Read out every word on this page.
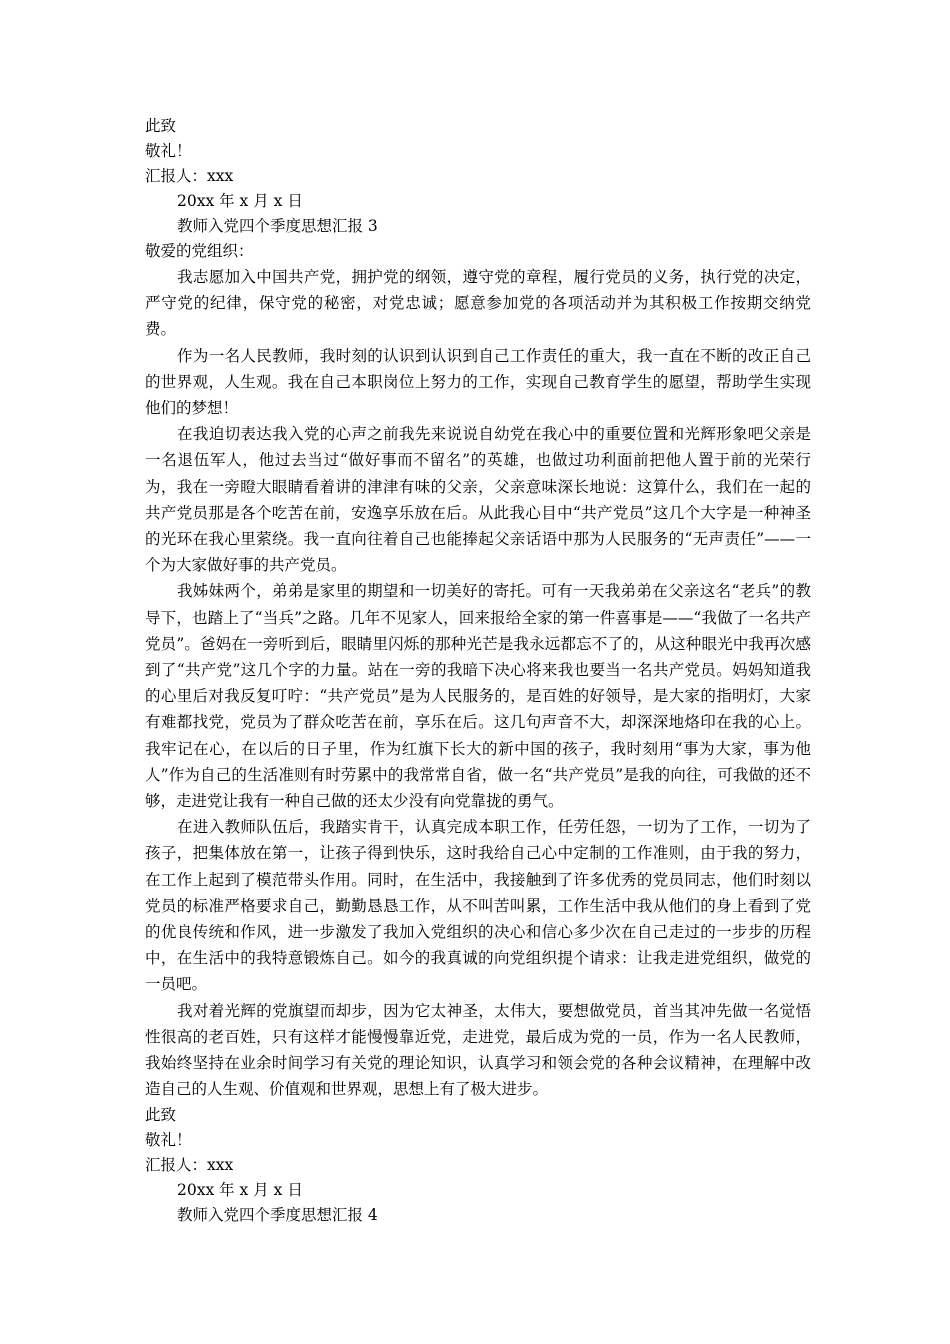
此致
敬礼！
汇报人：xxx
20xx 年 x 月 x 日
教师入党四个季度思想汇报 3
敬爱的党组织：

我志愿加入中国共产党，拥护党的纲领，遵守党的章程，履行党员的义务，执行党的决定，严守党的纪律，保守党的秘密，对党忠诚；愿意参加党的各项活动并为其积极工作按期交纳党费。

作为一名人民教师，我时刻的认识到认识到自己工作责任的重大，我一直在不断的改正自己的世界观，人生观。我在自己本职岗位上努力的工作，实现自己教育学生的愿望，帮助学生实现他们的梦想！

在我迫切表达我入党的心声之前我先来说说自幼党在我心中的重要位置和光辉形象吧父亲是一名退伍军人，他过去当过“做好事而不留名”的英雄，也做过功利面前把他人置于前的光荣行为，我在一旁瞪大眼睛看着讲的津津有味的父亲，父亲意味深长地说：这算什么，我们在一起的共产党员那是各个吃苦在前，安逸享乐放在后。从此我心目中“共产党员”这几个大字是一种神圣的光环在我心里萦绕。我一直向往着自己也能捧起父亲话语中那为人民服务的“无声责任”——一个为大家做好事的共产党员。

我姊妹两个，弟弟是家里的期望和一切美好的寄托。可有一天我弟弟在父亲这名“老兵”的教导下，也踏上了“当兵”之路。几年不见家人，回来报给全家的第一件喜事是——“我做了一名共产党员”。爸妈在一旁听到后，眼睛里闪烁的那种光芒是我永远都忘不了的，从这种眼光中我再次感到了“共产党”这几个字的力量。站在一旁的我暗下决心将来我也要当一名共产党员。妈妈知道我的心里后对我反复叮咛：“共产党员”是为人民服务的，是百姓的好领导，是大家的指明灯，大家有难都找党，党员为了群众吃苦在前，享乐在后。这几句声音不大，却深深地烙印在我的心上。我牢记在心，在以后的日子里，作为红旗下长大的新中国的孩子，我时刻用“事为大家，事为他人”作为自己的生活准则有时劳累中的我常常自省，做一名“共产党员”是我的向往，可我做的还不够，走进党让我有一种自己做的还太少没有向党靠拢的勇气。

在进入教师队伍后，我踏实肯干，认真完成本职工作，任劳任怨，一切为了工作，一切为了孩子，把集体放在第一，让孩子得到快乐，这时我给自己心中定制的工作准则，由于我的努力，在工作上起到了模范带头作用。同时，在生活中，我接触到了许多优秀的党员同志，他们时刻以党员的标准严格要求自己，勤勤恳恳工作，从不叫苦叫累，工作生活中我从他们的身上看到了党的优良传统和作风，进一步激发了我加入党组织的决心和信心多少次在自己走过的一步步的历程中，在生活中的我特意锻炼自己。如今的我真诚的向党组织提个请求：让我走进党组织，做党的一员吧。

我对着光辉的党旗望而却步，因为它太神圣，太伟大，要想做党员，首当其冲先做一名觉悟性很高的老百姓，只有这样才能慢慢靠近党，走进党，最后成为党的一员，作为一名人民教师，我始终坚持在业余时间学习有关党的理论知识，认真学习和领会党的各种会议精神，在理解中改造自己的人生观、价值观和世界观，思想上有了极大进步。

此致
敬礼！
汇报人：xxx
20xx 年 x 月 x 日
教师入党四个季度思想汇报 4
